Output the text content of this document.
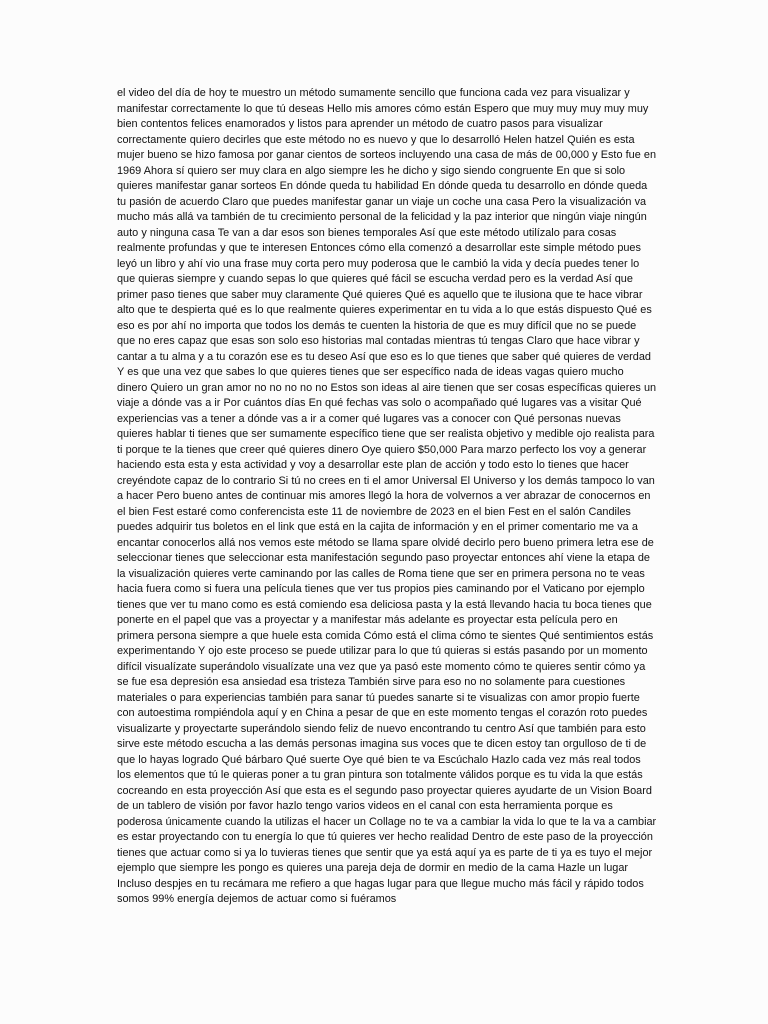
el video del día de hoy te muestro un método sumamente sencillo que funciona cada vez para visualizar y manifestar correctamente lo que tú deseas Hello mis amores cómo están Espero que muy muy muy muy muy bien contentos felices enamorados y listos para aprender un método de cuatro pasos para visualizar correctamente quiero decirles que este método no es nuevo y que lo desarrolló Helen hatzel Quién es esta mujer bueno se hizo famosa por ganar cientos de sorteos incluyendo una casa de más de 00,000 y Esto fue en 1969 Ahora sí quiero ser muy clara en algo siempre les he dicho y sigo siendo congruente En que si solo quieres manifestar ganar sorteos En dónde queda tu habilidad En dónde queda tu desarrollo en dónde queda tu pasión de acuerdo Claro que puedes manifestar ganar un viaje un coche una casa Pero la visualización va mucho más allá va también de tu crecimiento personal de la felicidad y la paz interior que ningún viaje ningún auto y ninguna casa Te van a dar esos son bienes temporales Así que este método utilízalo para cosas realmente profundas y que te interesen Entonces cómo ella comenzó a desarrollar este simple método pues leyó un libro y ahí vio una frase muy corta pero muy poderosa que le cambió la vida y decía puedes tener lo que quieras siempre y cuando sepas lo que quieres qué fácil se escucha verdad pero es la verdad Así que primer paso tienes que saber muy claramente Qué quieres Qué es aquello que te ilusiona que te hace vibrar alto que te despierta qué es lo que realmente quieres experimentar en tu vida a lo que estás dispuesto Qué es eso es por ahí no importa que todos los demás te cuenten la historia de que es muy difícil que no se puede que no eres capaz que esas son solo eso historias mal contadas mientras tú tengas Claro que hace vibrar y cantar a tu alma y a tu corazón ese es tu deseo Así que eso es lo que tienes que saber qué quieres de verdad Y es que una vez que sabes lo que quieres tienes que ser específico nada de ideas vagas quiero mucho dinero Quiero un gran amor no no no no no Estos son ideas al aire tienen que ser cosas específicas quieres un viaje a dónde vas a ir Por cuántos días En qué fechas vas solo o acompañado qué lugares vas a visitar Qué experiencias vas a tener a dónde vas a ir a comer qué lugares vas a conocer con Qué personas nuevas quieres hablar ti tienes que ser sumamente específico tiene que ser realista objetivo y medible ojo realista para ti porque te la tienes que creer qué quieres dinero Oye quiero $50,000 Para marzo perfecto los voy a generar haciendo esta esta y esta actividad y voy a desarrollar este plan de acción y todo esto lo tienes que hacer creyéndote capaz de lo contrario Si tú no crees en ti el amor Universal El Universo y los demás tampoco lo van a hacer Pero bueno antes de continuar mis amores llegó la hora de volvernos a ver abrazar de conocernos en el bien Fest estaré como conferencista este 11 de noviembre de 2023 en el bien Fest en el salón Candiles puedes adquirir tus boletos en el link que está en la cajita de información y en el primer comentario me va a encantar conocerlos allá nos vemos este método se llama spare olvidé decirlo pero bueno primera letra ese de seleccionar tienes que seleccionar esta manifestación segundo paso proyectar entonces ahí viene la etapa de la visualización quieres verte caminando por las calles de Roma tiene que ser en primera persona no te veas hacia fuera como si fuera una película tienes que ver tus propios pies caminando por el Vaticano por ejemplo tienes que ver tu mano como es está comiendo esa deliciosa pasta y la está llevando hacia tu boca tienes que ponerte en el papel que vas a proyectar y a manifestar más adelante es proyectar esta película pero en primera persona siempre a que huele esta comida Cómo está el clima cómo te sientes Qué sentimientos estás experimentando Y ojo este proceso se puede utilizar para lo que tú quieras si estás pasando por un momento difícil visualízate superándolo visualízate una vez que ya pasó este momento cómo te quieres sentir cómo ya se fue esa depresión esa ansiedad esa tristeza También sirve para eso no no solamente para cuestiones materiales o para experiencias también para sanar tú puedes sanarte si te visualizas con amor propio fuerte con autoestima rompiéndola aquí y en China a pesar de que en este momento tengas el corazón roto puedes visualizarte y proyectarte superándolo siendo feliz de nuevo encontrando tu centro Así que también para esto sirve este método escucha a las demás personas imagina sus voces que te dicen estoy tan orgulloso de ti de que lo hayas logrado Qué bárbaro Qué suerte Oye qué bien te va Escúchalo Hazlo cada vez más real todos los elementos que tú le quieras poner a tu gran pintura son totalmente válidos porque es tu vida la que estás cocreando en esta proyección Así que esta es el segundo paso proyectar quieres ayudarte de un Vision Board de un tablero de visión por favor hazlo tengo varios videos en el canal con esta herramienta porque es poderosa únicamente cuando la utilizas el hacer un Collage no te va a cambiar la vida lo que te la va a cambiar es estar proyectando con tu energía lo que tú quieres ver hecho realidad Dentro de este paso de la proyección tienes que actuar como si ya lo tuvieras tienes que sentir que ya está aquí ya es parte de ti ya es tuyo el mejor ejemplo que siempre les pongo es quieres una pareja deja de dormir en medio de la cama Hazle un lugar Incluso despjes en tu recámara me refiero a que hagas lugar para que llegue mucho más fácil y rápido todos somos 99% energía dejemos de actuar como si fuéramos
